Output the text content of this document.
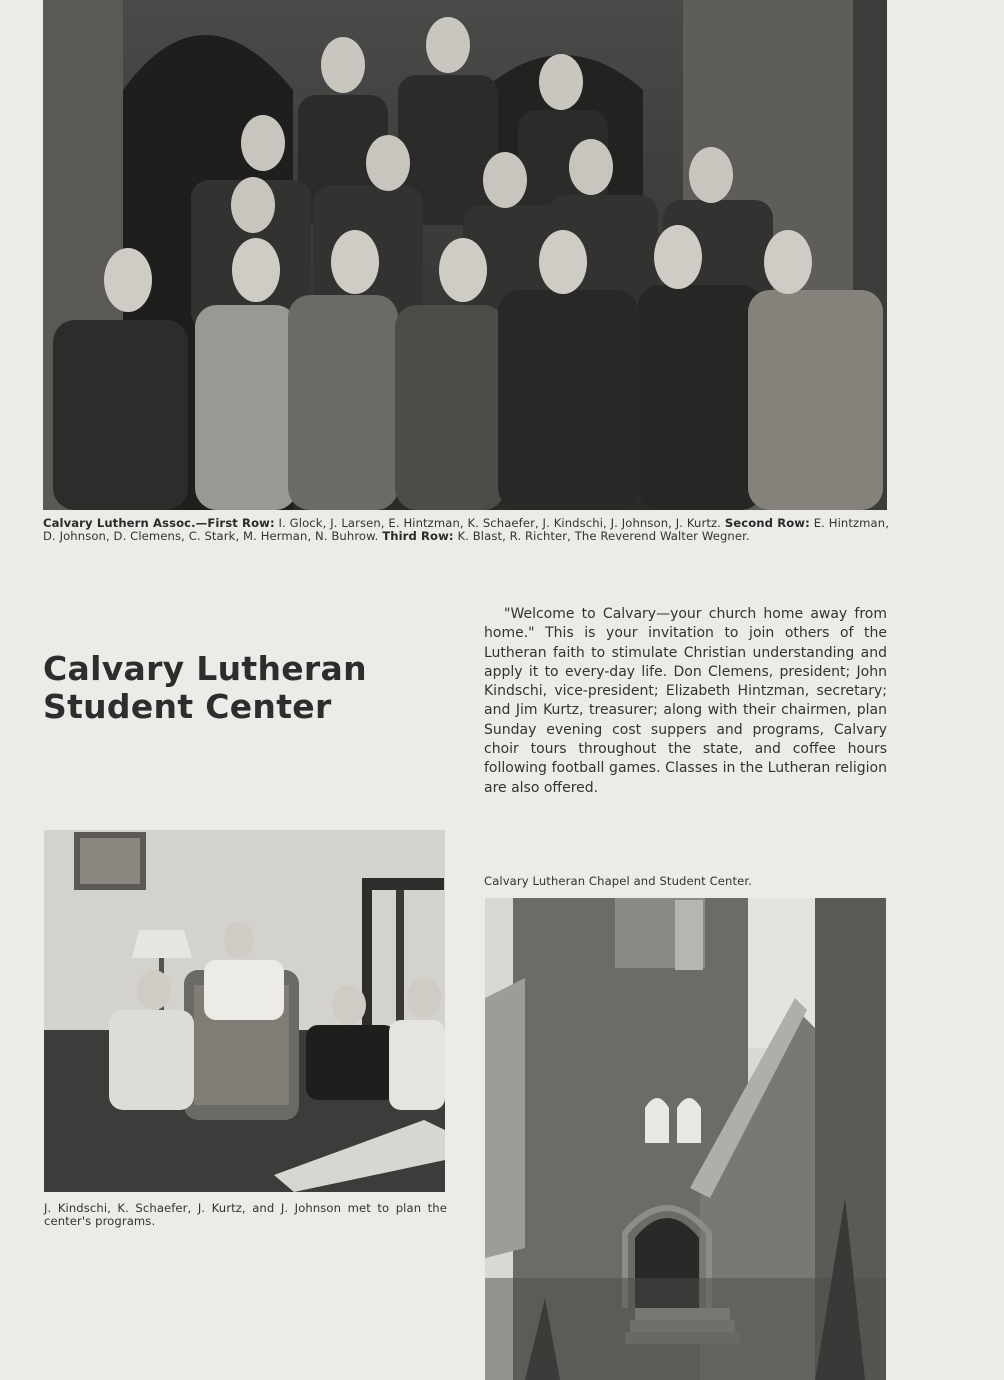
Calvary Luthern Assoc.—First Row: I. Glock, J. Larsen, E. Hintzman, K. Schaefer, J. Kindschi, J. Johnson, J. Kurtz. Second Row: E. Hintzman, D. Johnson, D. Clemens, C. Stark, M. Herman, N. Buhrow. Third Row: K. Blast, R. Richter, The Reverend Walter Wegner.
Calvary Lutheran
Student Center
"Welcome to Calvary—your church home away from home." This is your invitation to join others of the Lutheran faith to stimulate Christian understanding and apply it to every-day life. Don Clemens, president; John Kindschi, vice-president; Elizabeth Hintzman, secretary; and Jim Kurtz, treasurer; along with their chairmen, plan Sunday evening cost suppers and programs, Calvary choir tours throughout the state, and coffee hours following football games. Classes in the Lutheran religion are also offered.
J. Kindschi, K. Schaefer, J. Kurtz, and J. Johnson met to plan the center's programs.
Calvary Lutheran Chapel and Student Center.
